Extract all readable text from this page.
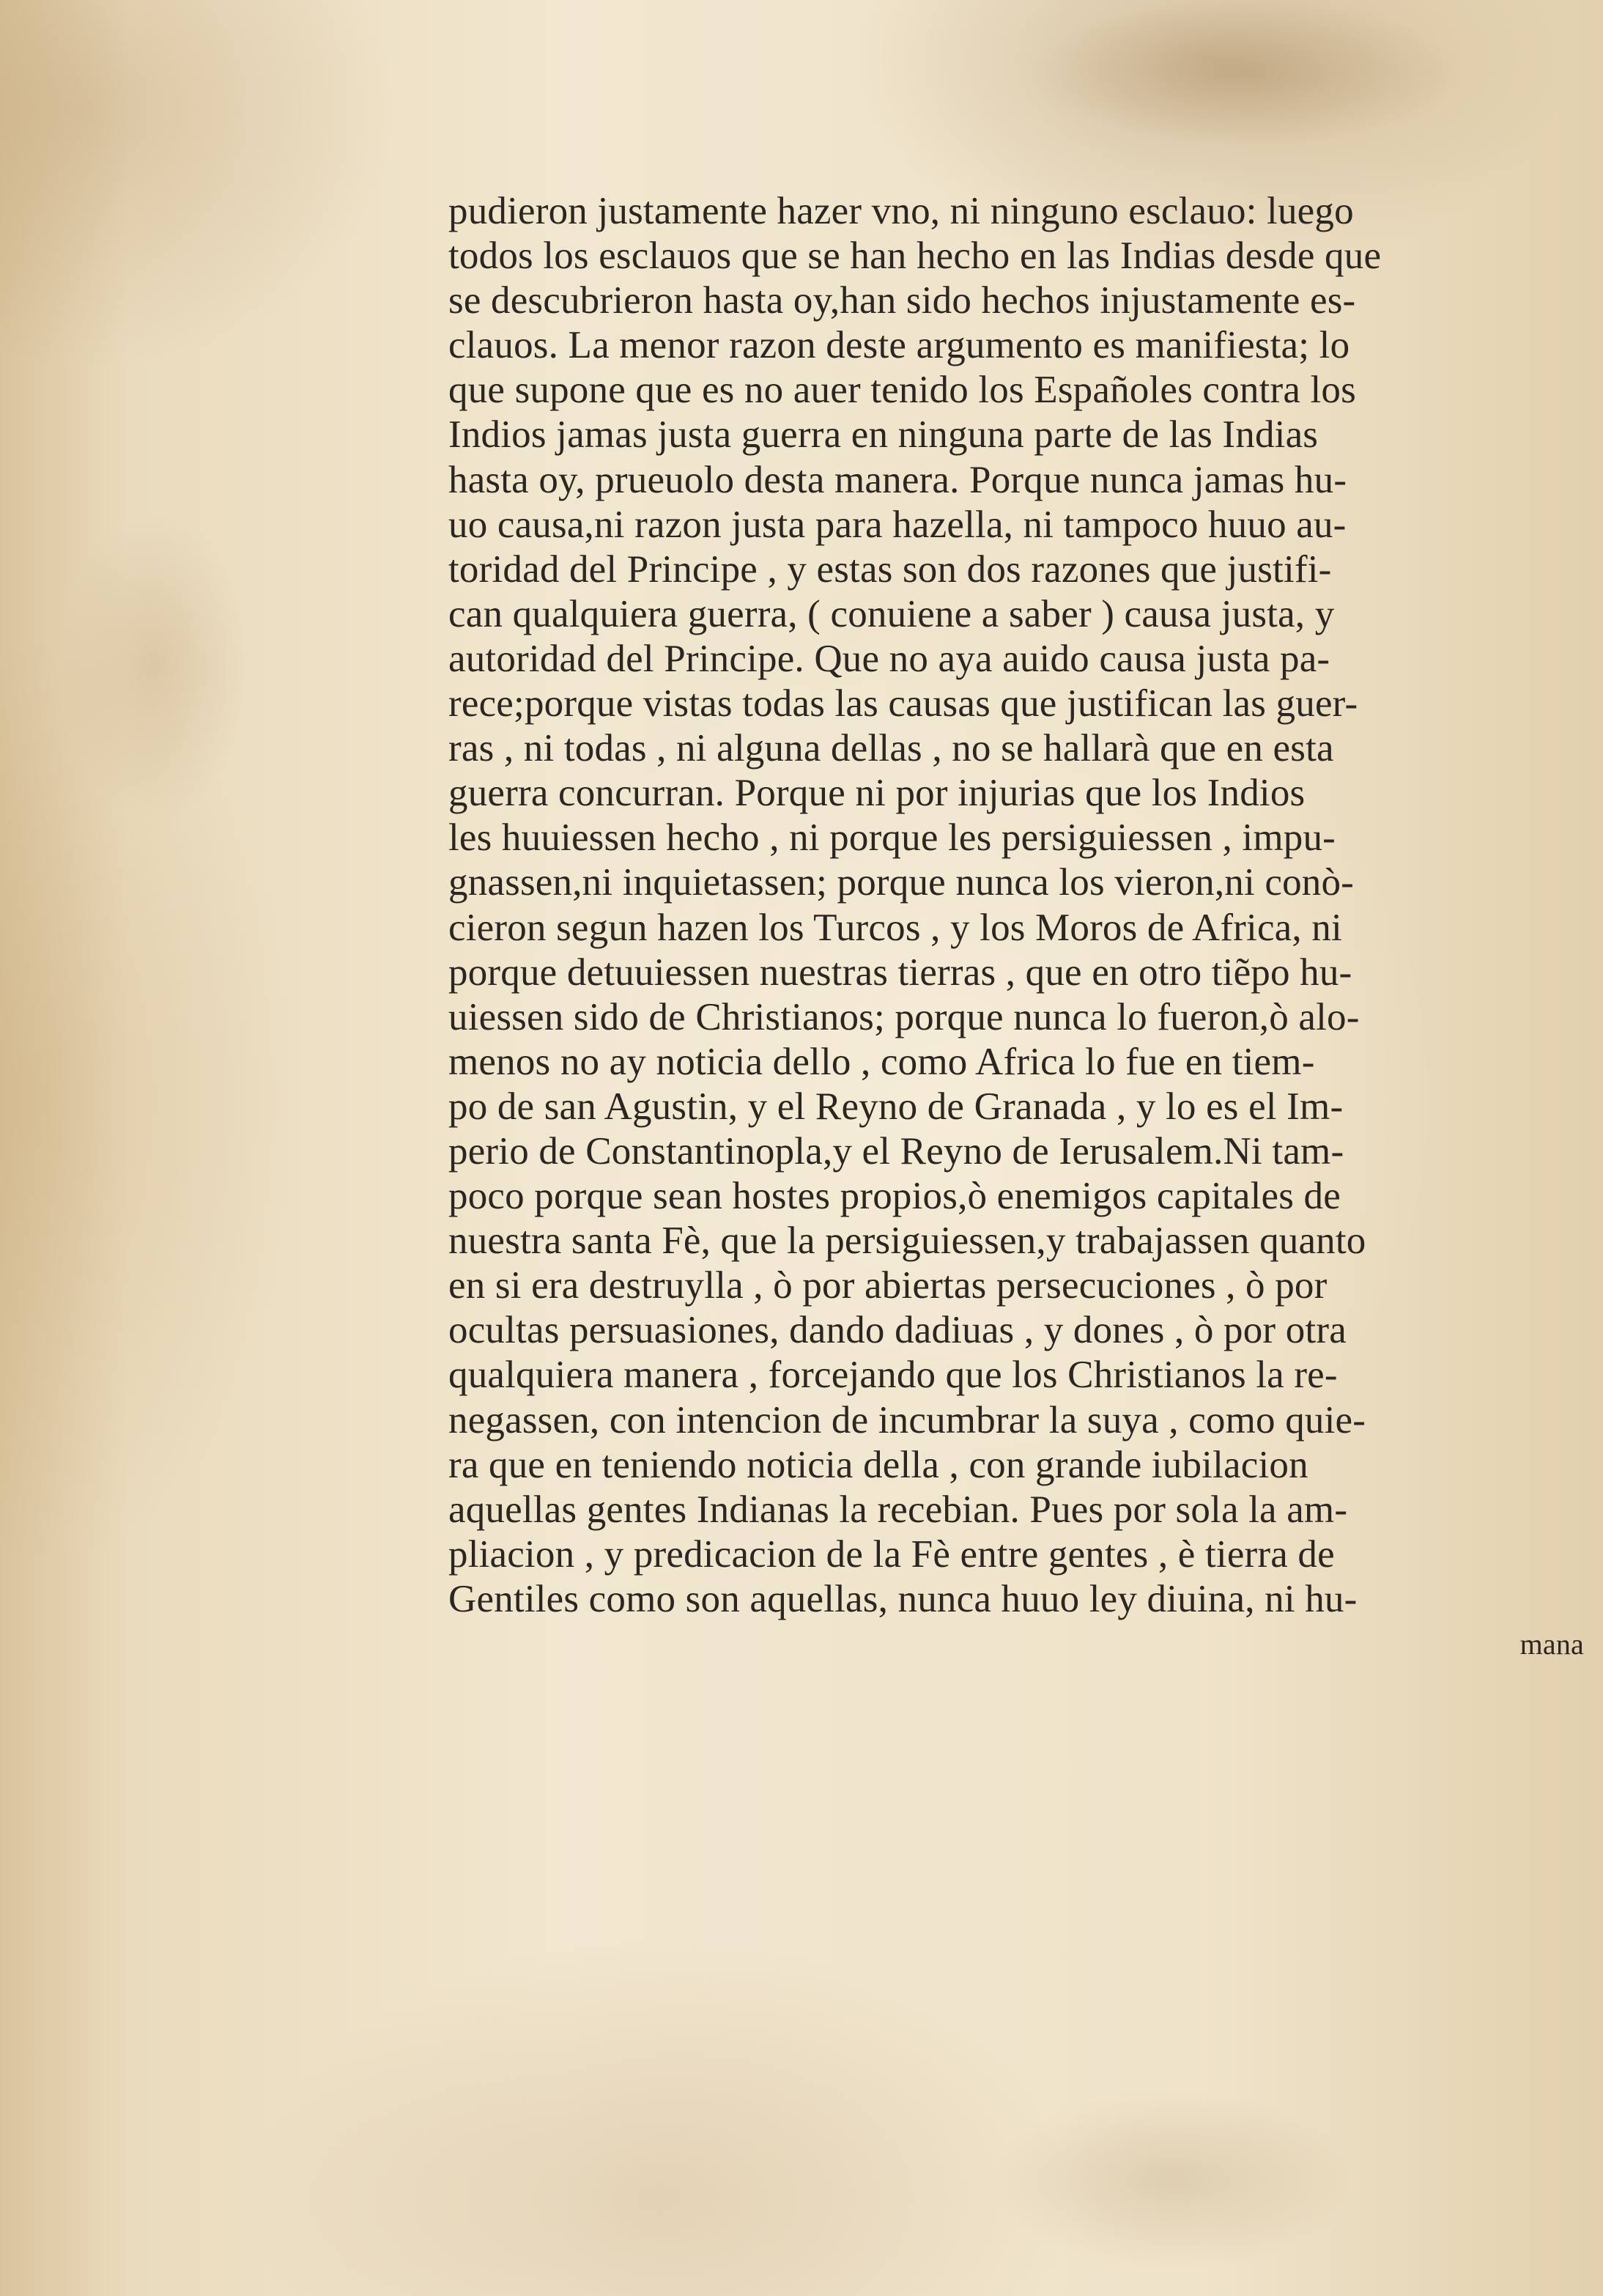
pudieron justamente hazer vno, ni ninguno esclauo: luego
todos los esclauos que se han hecho en las Indias desde que
se descubrieron hasta oy,han sido hechos injustamente es-
clauos. La menor razon deste argumento es manifiesta; lo
que supone que es no auer tenido los Españoles contra los
Indios jamas justa guerra en ninguna parte de las Indias
hasta oy, prueuolo desta manera. Porque nunca jamas hu-
uo causa,ni razon justa para hazella, ni tampoco huuo au-
toridad del Principe , y estas son dos razones que justifi-
can qualquiera guerra, ( conuiene a saber ) causa justa, y
autoridad del Principe. Que no aya auido causa justa pa-
rece;porque vistas todas las causas que justifican las guer-
ras , ni todas , ni alguna dellas , no se hallarà que en esta
guerra concurran. Porque ni por injurias que los Indios
les huuiessen hecho , ni porque les persiguiessen , impu-
gnassen,ni inquietassen; porque nunca los vieron,ni conò-
cieron segun hazen los Turcos , y los Moros de Africa, ni
porque detuuiessen nuestras tierras , que en otro tiẽpo hu-
uiessen sido de Christianos; porque nunca lo fueron,ò alo-
menos no ay noticia dello , como Africa lo fue en tiem-
po de san Agustin, y el Reyno de Granada , y lo es el Im-
perio de Constantinopla,y el Reyno de Ierusalem.Ni tam-
poco porque sean hostes propios,ò enemigos capitales de
nuestra santa Fè, que la persiguiessen,y trabajassen quanto
en si era destruylla , ò por abiertas persecuciones , ò por
ocultas persuasiones, dando dadiuas , y dones , ò por otra
qualquiera manera , forcejando que los Christianos la re-
negassen, con intencion de incumbrar la suya , como quie-
ra que en teniendo noticia della , con grande iubilacion
aquellas gentes Indianas la recebian. Pues por sola la am-
pliacion , y predicacion de la Fè entre gentes , è tierra de
Gentiles como son aquellas, nunca huuo ley diuina, ni hu-
mana
